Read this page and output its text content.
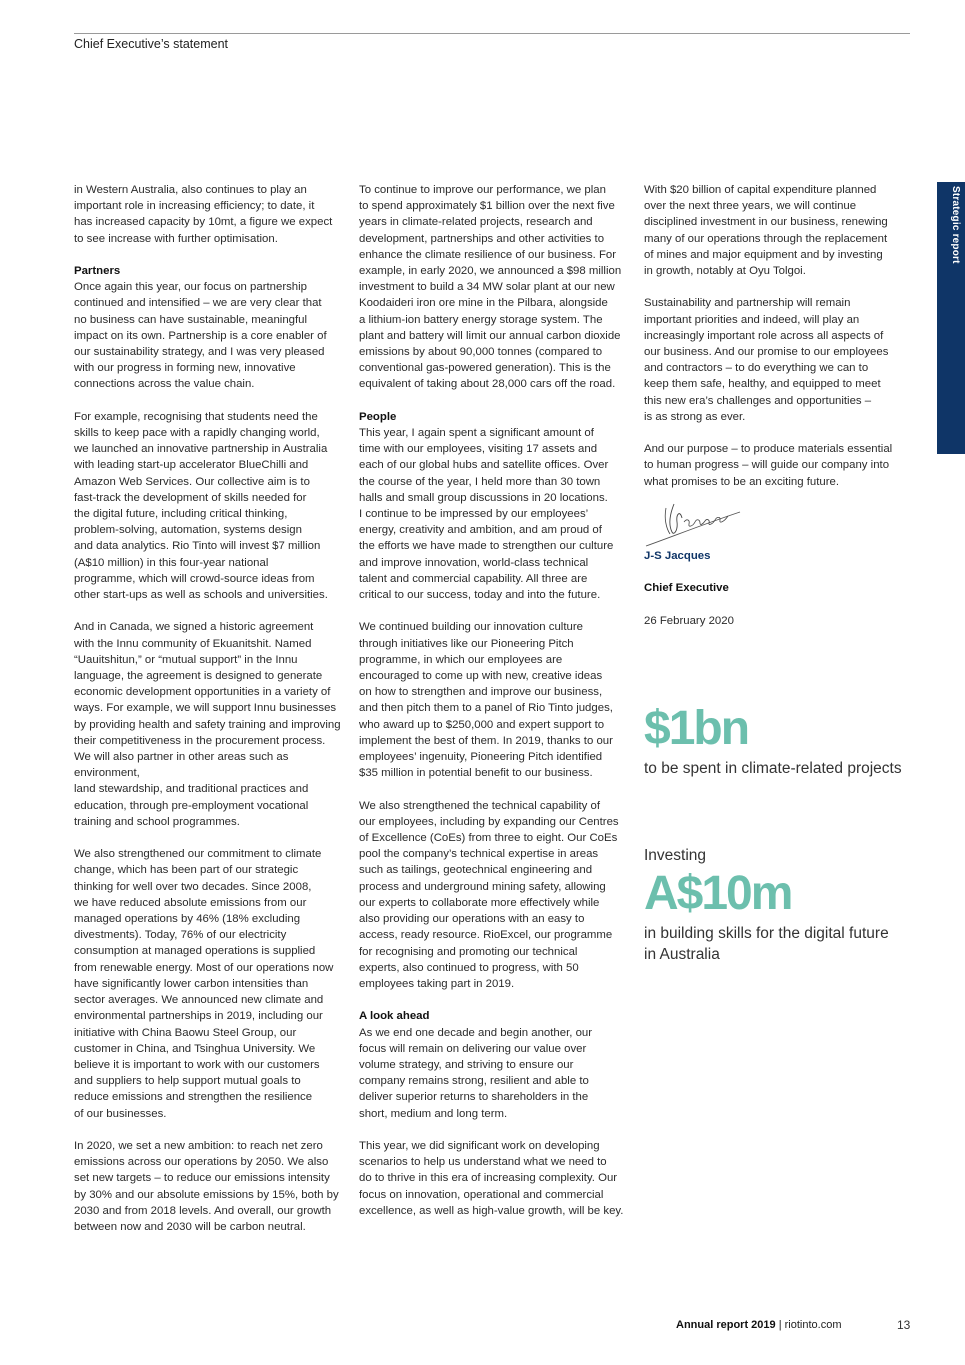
Chief Executive’s statement
Strategic report

in Western Australia, also continues to play an
important role in increasing efficiency; to date, it
has increased capacity by 10mt, a figure we expect
to see increase with further optimisation.

Partners

Once again this year, our focus on partnership
continued and intensified – we are very clear that
no business can have sustainable, meaningful
impact on its own. Partnership is a core enabler of
our sustainability strategy, and I was very pleased
with our progress in forming new, innovative
connections across the value chain.

For example, recognising that students need the
skills to keep pace with a rapidly changing world,
we launched an innovative partnership in Australia
with leading start-up accelerator BlueChilli and
Amazon Web Services. Our collective aim is to
fast-track the development of skills needed for
the digital future, including critical thinking,
problem-solving, automation, systems design
and data analytics. Rio Tinto will invest $7 million
(A$10 million) in this four-year national
programme, which will crowd-source ideas from
other start-ups as well as schools and universities.

And in Canada, we signed a historic agreement
with the Innu community of Ekuanitshit. Named
“Uauitshitun,” or “mutual support” in the Innu
language, the agreement is designed to generate
economic development opportunities in a variety of
ways. For example, we will support Innu businesses
by providing health and safety training and improving
their competitiveness in the procurement process.
We will also partner in other areas such as environment,
land stewardship, and traditional practices and
education, through pre-employment vocational
training and school programmes.

We also strengthened our commitment to climate
change, which has been part of our strategic
thinking for well over two decades. Since 2008,
we have reduced absolute emissions from our
managed operations by 46% (18% excluding
divestments). Today, 76% of our electricity
consumption at managed operations is supplied
from renewable energy. Most of our operations now
have significantly lower carbon intensities than
sector averages. We announced new climate and
environmental partnerships in 2019, including our
initiative with China Baowu Steel Group, our
customer in China, and Tsinghua University. We
believe it is important to work with our customers
and suppliers to help support mutual goals to
reduce emissions and strengthen the resilience
of our businesses.

In 2020, we set a new ambition: to reach net zero
emissions across our operations by 2050. We also
set new targets – to reduce our emissions intensity
by 30% and our absolute emissions by 15%, both by
2030 and from 2018 levels. And overall, our growth
between now and 2030 will be carbon neutral.

To continue to improve our performance, we plan
to spend approximately $1 billion over the next five
years in climate-related projects, research and
development, partnerships and other activities to
enhance the climate resilience of our business. For
example, in early 2020, we announced a $98 million
investment to build a 34 MW solar plant at our new
Koodaideri iron ore mine in the Pilbara, alongside
a lithium-ion battery energy storage system. The
plant and battery will limit our annual carbon dioxide
emissions by about 90,000 tonnes (compared to
conventional gas-powered generation). This is the
equivalent of taking about 28,000 cars off the road.

People

This year, I again spent a significant amount of
time with our employees, visiting 17 assets and
each of our global hubs and satellite offices. Over
the course of the year, I held more than 30 town
halls and small group discussions in 20 locations.
I continue to be impressed by our employees’
energy, creativity and ambition, and am proud of
the efforts we have made to strengthen our culture
and improve innovation, world-class technical
talent and commercial capability. All three are
critical to our success, today and into the future.

We continued building our innovation culture
through initiatives like our Pioneering Pitch
programme, in which our employees are
encouraged to come up with new, creative ideas
on how to strengthen and improve our business,
and then pitch them to a panel of Rio Tinto judges,
who award up to $250,000 and expert support to
implement the best of them. In 2019, thanks to our
employees’ ingenuity, Pioneering Pitch identified
$35 million in potential benefit to our business.

We also strengthened the technical capability of
our employees, including by expanding our Centres
of Excellence (CoEs) from three to eight. Our CoEs
pool the company’s technical expertise in areas
such as tailings, geotechnical engineering and
process and underground mining safety, allowing
our experts to collaborate more effectively while
also providing our operations with an easy to
access, ready resource. RioExcel, our programme
for recognising and promoting our technical
experts, also continued to progress, with 50
employees taking part in 2019.

A look ahead

As we end one decade and begin another, our
focus will remain on delivering our value over
volume strategy, and striving to ensure our
company remains strong, resilient and able to
deliver superior returns to shareholders in the
short, medium and long term.

This year, we did significant work on developing
scenarios to help us understand what we need to
do to thrive in this era of increasing complexity. Our
focus on innovation, operational and commercial
excellence, as well as high-value growth, will be key.

With $20 billion of capital expenditure planned
over the next three years, we will continue
disciplined investment in our business, renewing
many of our operations through the replacement
of mines and major equipment and by investing
in growth, notably at Oyu Tolgoi.

Sustainability and partnership will remain
important priorities and indeed, will play an
increasingly important role across all aspects of
our business. And our promise to our employees
and contractors – to do everything we can to
keep them safe, healthy, and equipped to meet
this new era’s challenges and opportunities –
is as strong as ever.

And our purpose – to produce materials essential
to human progress – will guide our company into
what promises to be an exciting future.

J-S Jacques

Chief Executive

26 February 2020

$1bn
to be spent in climate-related projects
Investing
A$10m
in building skills for the digital future
in Australia
Annual report 2019 | riotinto.com	13
